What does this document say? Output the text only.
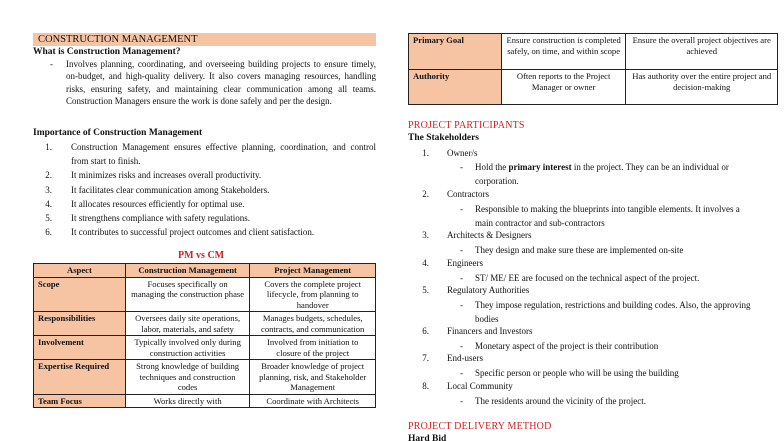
CONSTRUCTION MANAGEMENT
What is Construction Management?
- Involves planning, coordinating, and overseeing building projects to ensure timely, on-budget, and high-quality delivery. It also covers managing resources, handling risks, ensuring safety, and maintaining clear communication among all teams. Construction Managers ensure the work is done safely and per the design.
Importance of Construction Management
1. Construction Management ensures effective planning, coordination, and control from start to finish.
2. It minimizes risks and increases overall productivity.
3. It facilitates clear communication among Stakeholders.
4. It allocates resources efficiently for optimal use.
5. It strengthens compliance with safety regulations.
6. It contributes to successful project outcomes and client satisfaction.
PM vs CM
Aspect	Construction Management	Project Management
Scope	Focuses specifically on managing the construction phase	Covers the complete project lifecycle, from planning to handover
Responsibilities	Oversees daily site operations, labor, materials, and safety	Manages budgets, schedules, contracts, and communication
Involvement	Typically involved only during construction activities	Involved from initiation to closure of the project
Expertise Required	Strong knowledge of building techniques and construction codes	Broader knowledge of project planning, risk, and Stakeholder Management
Team Focus	Works directly with	Coordinate with Architects
Primary Goal	Ensure construction is completed safely, on time, and within scope	Ensure the overall project objectives are achieved
Authority	Often reports to the Project Manager or owner	Has authority over the entire project and decision-making
PROJECT PARTICIPANTS
The Stakeholders
1. Owner/s
- Hold the primary interest in the project. They can be an individual or corporation.
2. Contractors
- Responsible to making the blueprints into tangible elements. It involves a main contractor and sub-contractors
3. Architects & Designers
- They design and make sure these are implemented on-site
4. Engineers
- ST/ ME/ EE are focused on the technical aspect of the project.
5. Regulatory Authorities
- They impose regulation, restrictions and building codes. Also, the approving bodies
6. Financers and Investors
- Monetary aspect of the project is their contribution
7. End-users
- Specific person or people who will be using the building
8. Local Community
- The residents around the vicinity of the project.
PROJECT DELIVERY METHOD
Hard Bid
